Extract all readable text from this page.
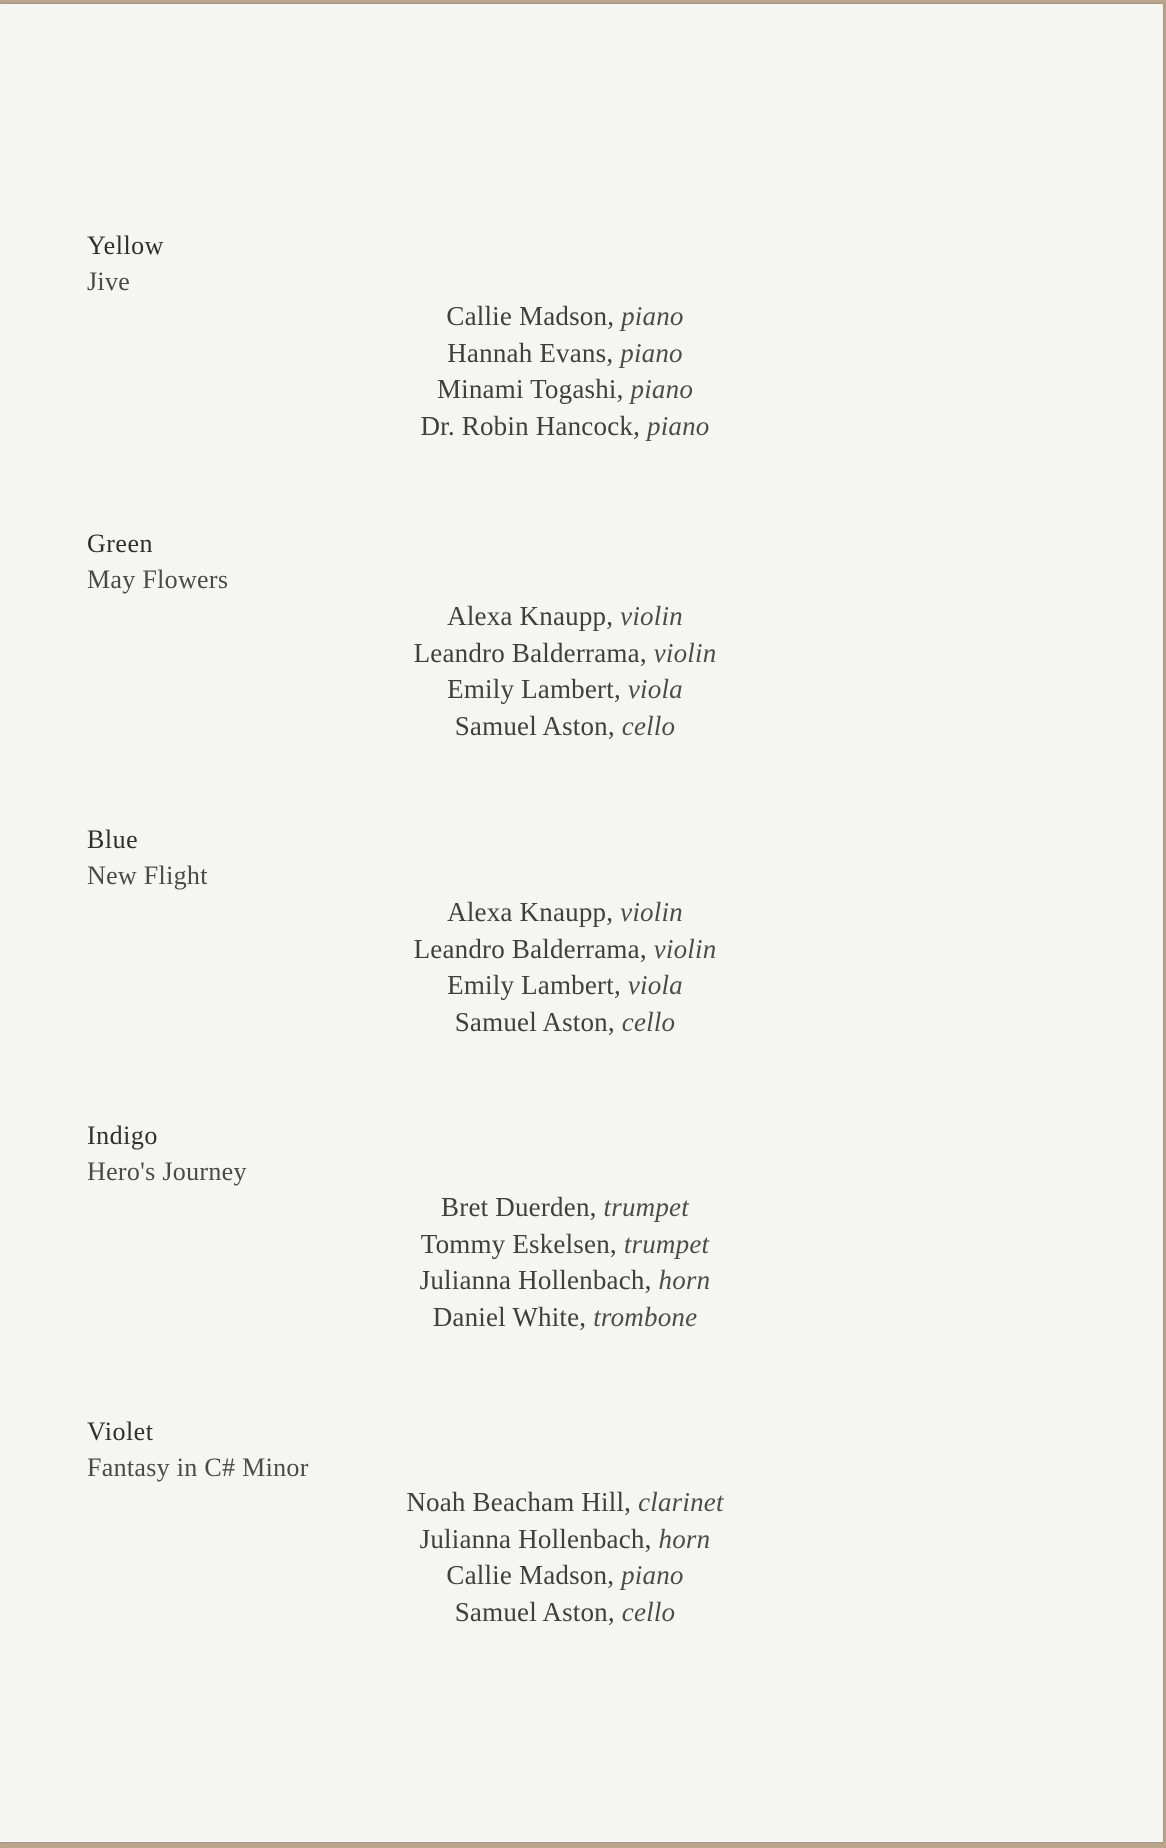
Yellow
Jive
Callie Madson, piano
Hannah Evans, piano
Minami Togashi, piano
Dr. Robin Hancock, piano
Green
May Flowers
Alexa Knaupp, violin
Leandro Balderrama, violin
Emily Lambert, viola
Samuel Aston, cello
Blue
New Flight
Alexa Knaupp, violin
Leandro Balderrama, violin
Emily Lambert, viola
Samuel Aston, cello
Indigo
Hero's Journey
Bret Duerden, trumpet
Tommy Eskelsen, trumpet
Julianna Hollenbach, horn
Daniel White, trombone
Violet
Fantasy in C# Minor
Noah Beacham Hill, clarinet
Julianna Hollenbach, horn
Callie Madson, piano
Samuel Aston, cello
